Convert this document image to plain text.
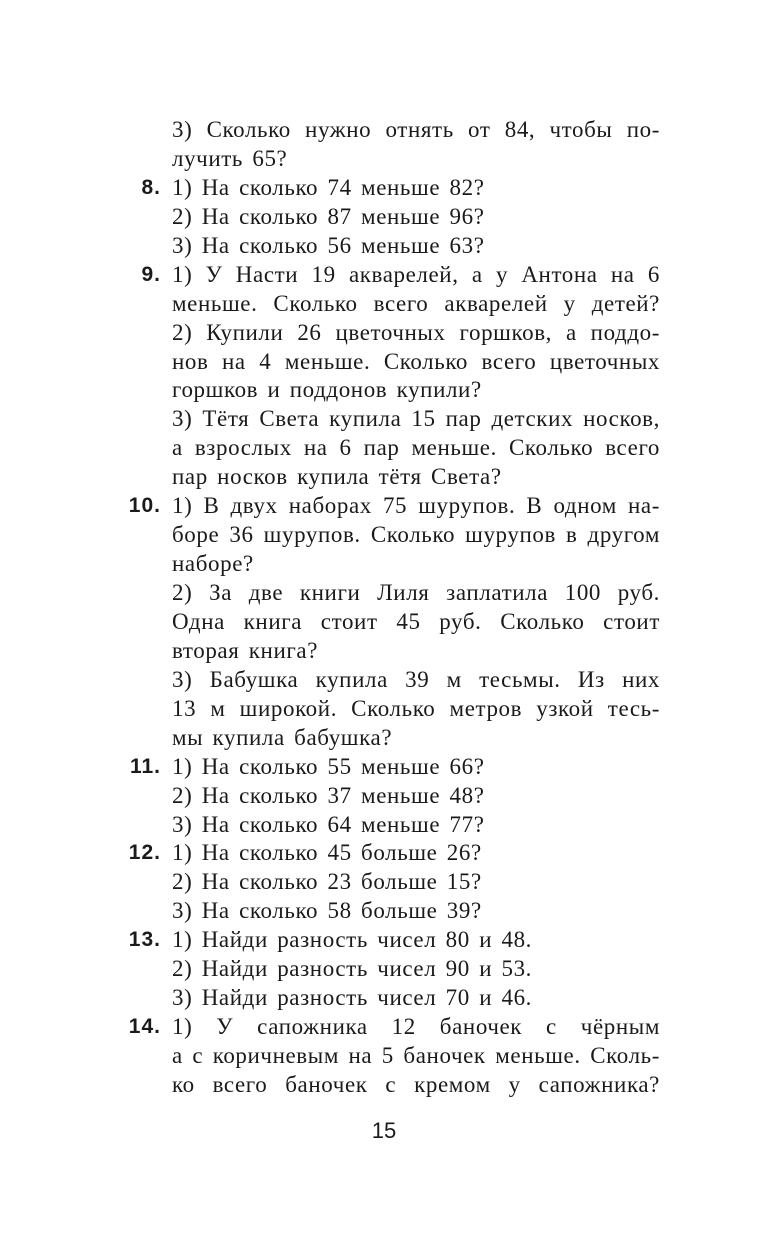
3) Сколько нужно отнять от 84, чтобы по-
лучить 65?
8. 1) На сколько 74 меньше 82?
2) На сколько 87 меньше 96?
3) На сколько 56 меньше 63?
9. 1) У Насти 19 акварелей, а у Антона на 6
меньше. Сколько всего акварелей у детей?
2) Купили 26 цветочных горшков, а поддо-
нов на 4 меньше. Сколько всего цветочных
горшков и поддонов купили?
3) Тётя Света купила 15 пар детских носков,
а взрослых на 6 пар меньше. Сколько всего
пар носков купила тётя Света?
10. 1) В двух наборах 75 шурупов. В одном на-
боре 36 шурупов. Сколько шурупов в другом
наборе?
2) За две книги Лиля заплатила 100 руб.
Одна книга стоит 45 руб. Сколько стоит
вторая книга?
3) Бабушка купила 39 м тесьмы. Из них
13 м широкой. Сколько метров узкой тесь-
мы купила бабушка?
11. 1) На сколько 55 меньше 66?
2) На сколько 37 меньше 48?
3) На сколько 64 меньше 77?
12. 1) На сколько 45 больше 26?
2) На сколько 23 больше 15?
3) На сколько 58 больше 39?
13. 1) Найди разность чисел 80 и 48.
2) Найди разность чисел 90 и 53.
3) Найди разность чисел 70 и 46.
14. 1) У сапожника 12 баночек с чёрным
а с коричневым на 5 баночек меньше. Сколь-
ко всего баночек с кремом у сапожника?
15
